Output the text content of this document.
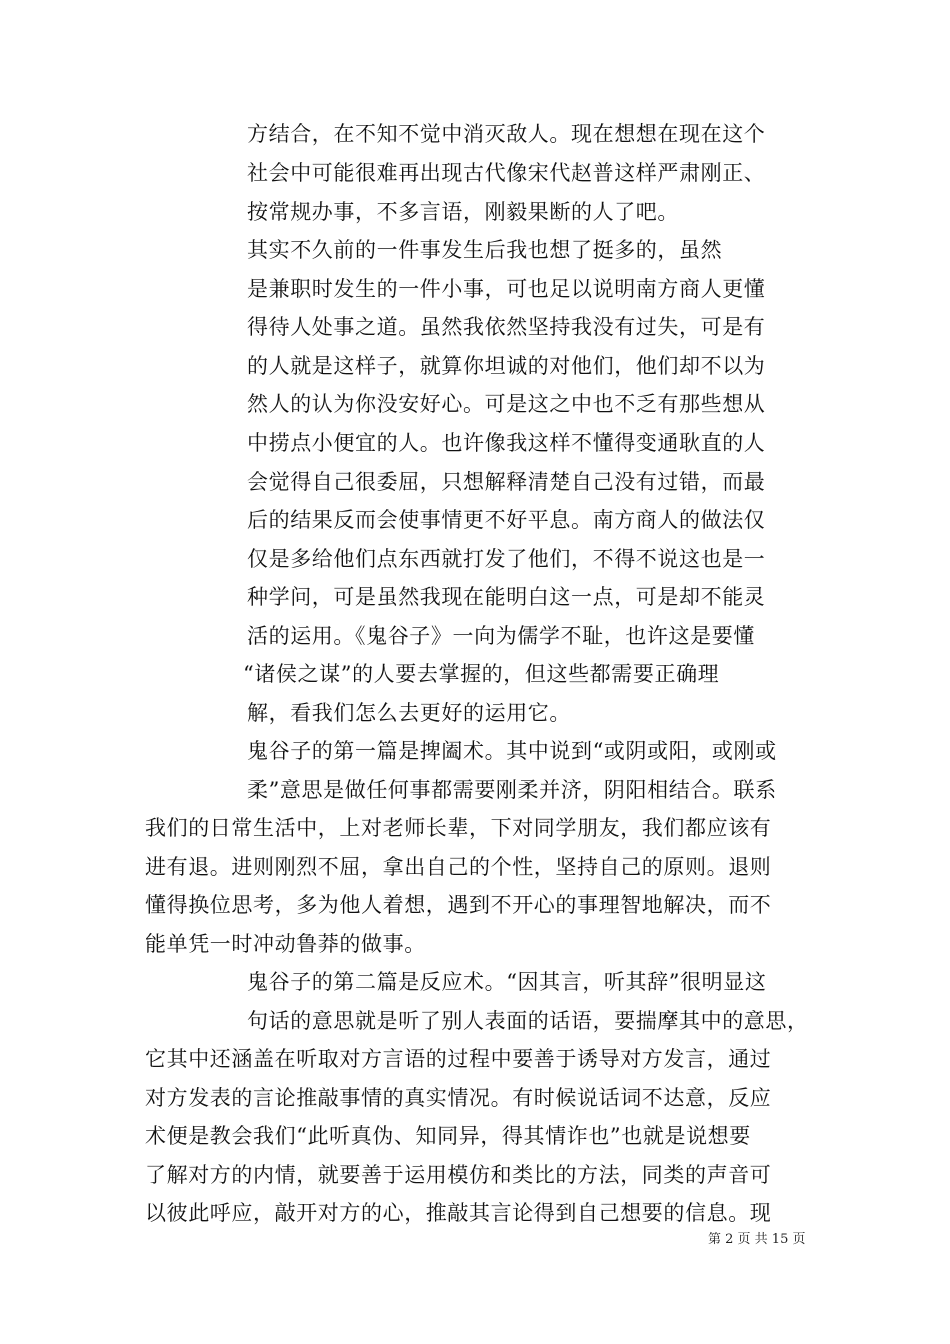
方结合，在不知不觉中消灭敌人。现在想想在现在这个
社会中可能很难再出现古代像宋代赵普这样严肃刚正、
按常规办事，不多言语，刚毅果断的人了吧。
其实不久前的一件事发生后我也想了挺多的，虽然
是兼职时发生的一件小事，可也足以说明南方商人更懂
得待人处事之道。虽然我依然坚持我没有过失，可是有
的人就是这样子，就算你坦诚的对他们，他们却不以为
然人的认为你没安好心。可是这之中也不乏有那些想从
中捞点小便宜的人。也许像我这样不懂得变通耿直的人
会觉得自己很委屈，只想解释清楚自己没有过错，而最
后的结果反而会使事情更不好平息。南方商人的做法仅
仅是多给他们点东西就打发了他们，不得不说这也是一
种学问，可是虽然我现在能明白这一点，可是却不能灵
活的运用。《鬼谷子》一向为儒学不耻，也许这是要懂
“诸侯之谋”的人要去掌握的，但这些都需要正确理
解，看我们怎么去更好的运用它。
鬼谷子的第一篇是捭阖术。其中说到“或阴或阳，或刚或
柔”意思是做任何事都需要刚柔并济，阴阳相结合。联系
我们的日常生活中，上对老师长辈，下对同学朋友，我们都应该有
进有退。进则刚烈不屈，拿出自己的个性，坚持自己的原则。退则
懂得换位思考，多为他人着想，遇到不开心的事理智地解决，而不
能单凭一时冲动鲁莽的做事。
鬼谷子的第二篇是反应术。“因其言，听其辞”很明显这
句话的意思就是听了别人表面的话语，要揣摩其中的意思，
它其中还涵盖在听取对方言语的过程中要善于诱导对方发言，通过
对方发表的言论推敲事情的真实情况。有时候说话词不达意，反应
术便是教会我们“此听真伪、知同异，得其情诈也”也就是说想要
了解对方的内情，就要善于运用模仿和类比的方法，同类的声音可
以彼此呼应，敲开对方的心，推敲其言论得到自己想要的信息。现
第 2 页 共 15 页
